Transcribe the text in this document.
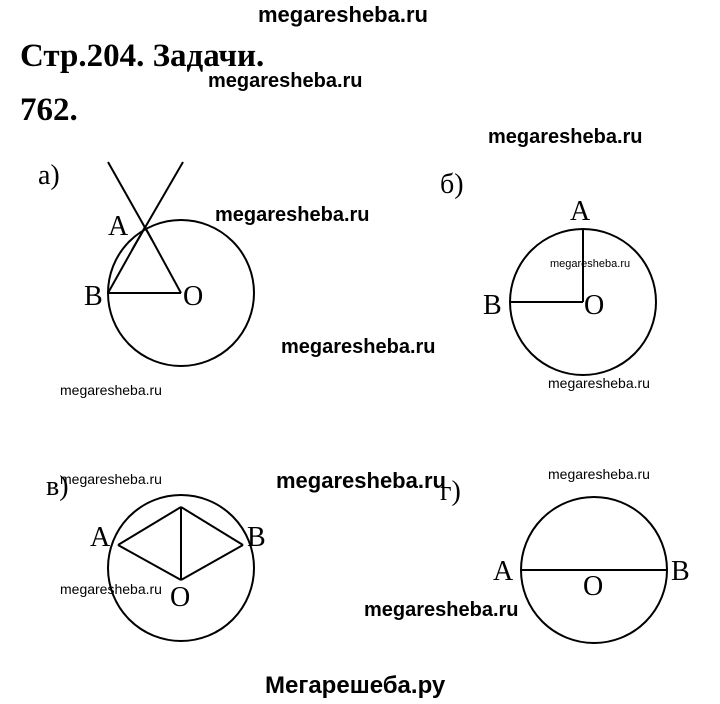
megaresheba.ru
Стр.204. Задачи.
megaresheba.ru
762.
megaresheba.ru
а)
A
B	O
б)
A
B	O
в)
A	B
O
г)
A	B
O
megaresheba.ru
megaresheba.ru
megaresheba.ru
megaresheba.ru	megaresheba.ru
megaresheba.ru	megaresheba.ru	megaresheba.ru
megaresheba.ru
megaresheba.ru
Мегарешеба.ру
